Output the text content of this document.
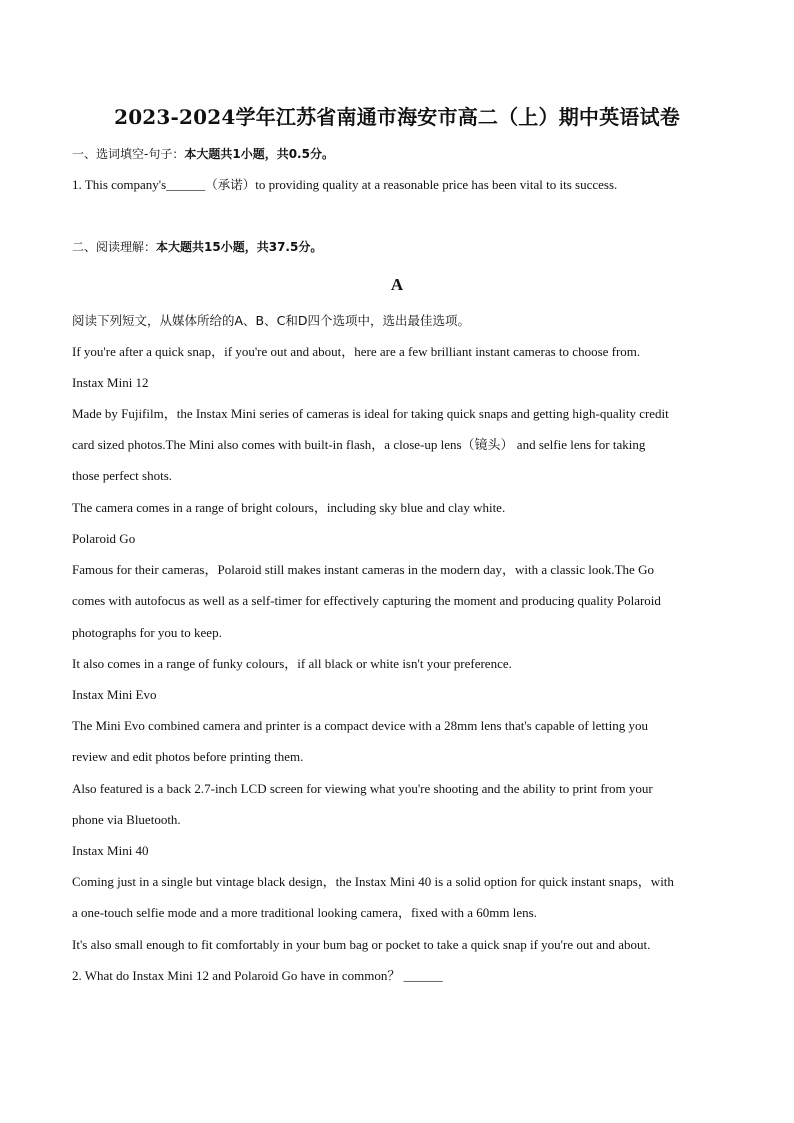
2023-2024学年江苏省南通市海安市高二（上）期中英语试卷
一、选词填空-句子：本大题共1小题，共0.5分。
1. This company's______（承诺）to providing quality at a reasonable price has been vital to its success.
二、阅读理解：本大题共15小题，共37.5分。
A
阅读下列短文，从媒体所给的A、B、C和D四个选项中，选出最佳选项。
If you're after a quick snap，if you're out and about，here are a few brilliant instant cameras to choose from.
Instax Mini 12
Made by Fujifilm，the Instax Mini series of cameras is ideal for taking quick snaps and getting high-quality credit
card sized photos.The Mini also comes with built-in flash，a close-up lens（镜头） and selfie lens for taking
those perfect shots.
The camera comes in a range of bright colours，including sky blue and clay white.
Polaroid Go
Famous for their cameras，Polaroid still makes instant cameras in the modern day，with a classic look.The Go
comes with autofocus as well as a self-timer for effectively capturing the moment and producing quality Polaroid
photographs for you to keep.
It also comes in a range of funky colours，if all black or white isn't your preference.
Instax Mini Evo
The Mini Evo combined camera and printer is a compact device with a 28mm lens that's capable of letting you
review and edit photos before printing them.
Also featured is a back 2.7-inch LCD screen for viewing what you're shooting and the ability to print from your
phone via Bluetooth.
Instax Mini 40
Coming just in a single but vintage black design，the Instax Mini 40 is a solid option for quick instant snaps，with
a one-touch selfie mode and a more traditional looking camera，fixed with a 60mm lens.
It's also small enough to fit comfortably in your bum bag or pocket to take a quick snap if you're out and about.
2. What do Instax Mini 12 and Polaroid Go have in common？ ______
